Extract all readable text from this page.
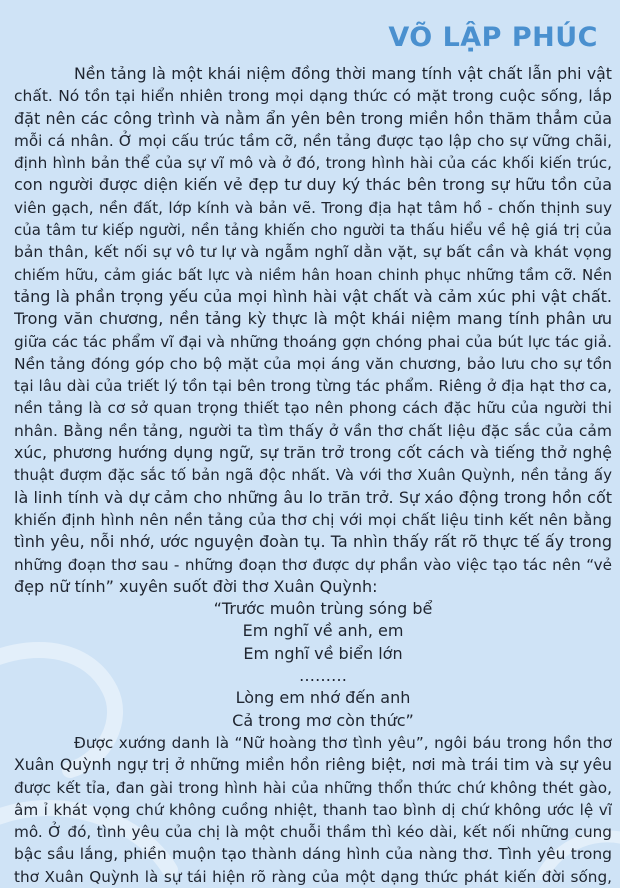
VÕ LẬP PHÚC
Nền tảng là một khái niệm đồng thời mang tính vật chất lẫn phi vật
chất. Nó tồn tại hiển nhiên trong mọi dạng thức có mặt trong cuộc sống, lắp
đặt nên các công trình và nằm ẩn yên bên trong miền hồn thăm thẳm của
mỗi cá nhân. Ở mọi cấu trúc tầm cỡ, nền tảng được tạo lập cho sự vững chãi,
định hình bản thể của sự vĩ mô và ở đó, trong hình hài của các khối kiến trúc,
con người được diện kiến vẻ đẹp tư duy ký thác bên trong sự hữu tồn của
viên gạch, nền đất, lớp kính và bản vẽ. Trong địa hạt tâm hồ - chốn thịnh suy
của tâm tư kiếp người, nền tảng khiến cho người ta thấu hiểu về hệ giá trị của
bản thân, kết nối sự vô tư lự và ngẫm nghĩ dằn vặt, sự bất cần và khát vọng
chiếm hữu, cảm giác bất lực và niềm hân hoan chinh phục những tầm cỡ. Nền
tảng là phần trọng yếu của mọi hình hài vật chất và cảm xúc phi vật chất.
Trong văn chương, nền tảng kỳ thực là một khái niệm mang tính phân ưu
giữa các tác phẩm vĩ đại và những thoáng gợn chóng phai của bút lực tác giả.
Nền tảng đóng góp cho bộ mặt của mọi áng văn chương, bảo lưu cho sự tồn
tại lâu dài của triết lý tồn tại bên trong từng tác phẩm. Riêng ở địa hạt thơ ca,
nền tảng là cơ sở quan trọng thiết tạo nên phong cách đặc hữu của người thi
nhân. Bằng nền tảng, người ta tìm thấy ở vần thơ chất liệu đặc sắc của cảm
xúc, phương hướng dụng ngữ, sự trăn trở trong cốt cách và tiếng thở nghệ
thuật đượm đặc sắc tố bản ngã độc nhất. Và với thơ Xuân Quỳnh, nền tảng ấy
là linh tính và dự cảm cho những âu lo trăn trở. Sự xáo động trong hồn cốt
khiến định hình nên nền tảng của thơ chị với mọi chất liệu tinh kết nên bằng
tình yêu, nỗi nhớ, ước nguyện đoàn tụ. Ta nhìn thấy rất rõ thực tế ấy trong
những đoạn thơ sau - những đoạn thơ được dự phần vào việc tạo tác nên “vẻ
đẹp nữ tính” xuyên suốt đời thơ Xuân Quỳnh:
“Trước muôn trùng sóng bể
Em nghĩ về anh, em
Em nghĩ về biển lớn
………
Lòng em nhớ đến anh
Cả trong mơ còn thức”
Được xướng danh là “Nữ hoàng thơ tình yêu”, ngôi báu trong hồn thơ
Xuân Quỳnh ngự trị ở những miền hồn riêng biệt, nơi mà trái tim và sự yêu
được kết tỉa, đan gài trong hình hài của những thổn thức chứ không thét gào,
âm ỉ khát vọng chứ không cuồng nhiệt, thanh tao bình dị chứ không ước lệ vĩ
mô. Ở đó, tình yêu của chị là một chuỗi thầm thì kéo dài, kết nối những cung
bậc sầu lắng, phiền muộn tạo thành dáng hình của nàng thơ. Tình yêu trong
thơ Xuân Quỳnh là sự tái hiện rõ ràng của một dạng thức phát kiến đời sống,
